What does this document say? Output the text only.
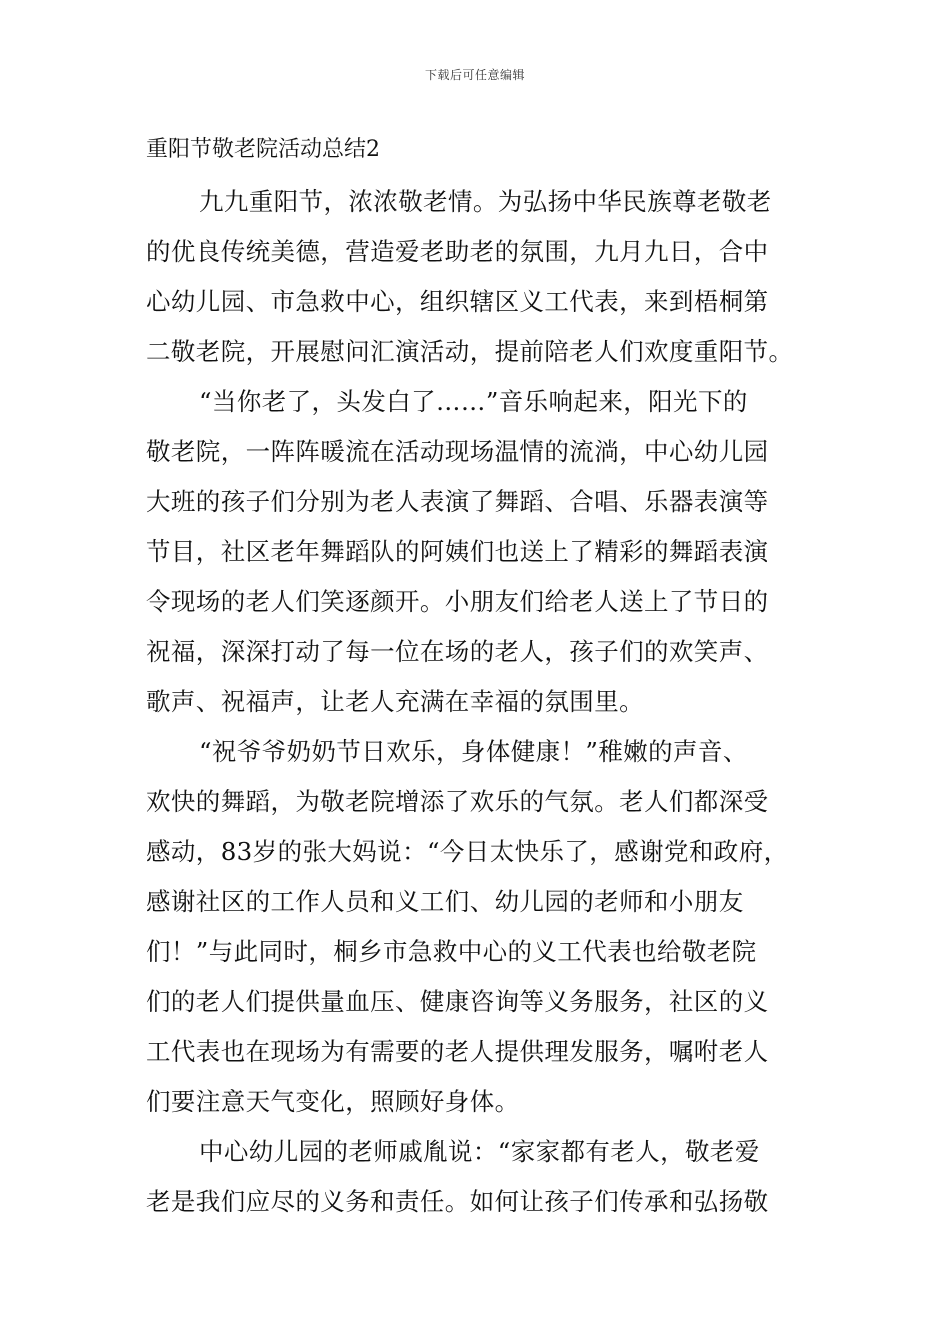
下载后可任意编辑
重阳节敬老院活动总结2
九九重阳节，浓浓敬老情。为弘扬中华民族尊老敬老
的优良传统美德，营造爱老助老的氛围，九月九日，合中
心幼儿园、市急救中心，组织辖区义工代表，来到梧桐第
二敬老院，开展慰问汇演活动，提前陪老人们欢度重阳节。
“当你老了，头发白了……”音乐响起来，阳光下的
敬老院，一阵阵暖流在活动现场温情的流淌，中心幼儿园
大班的孩子们分别为老人表演了舞蹈、合唱、乐器表演等
节目，社区老年舞蹈队的阿姨们也送上了精彩的舞蹈表演
令现场的老人们笑逐颜开。小朋友们给老人送上了节日的
祝福，深深打动了每一位在场的老人，孩子们的欢笑声、
歌声、祝福声，让老人充满在幸福的氛围里。
“祝爷爷奶奶节日欢乐，身体健康！”稚嫩的声音、
欢快的舞蹈，为敬老院增添了欢乐的气氛。老人们都深受
感动，83岁的张大妈说：“今日太快乐了，感谢党和政府，
感谢社区的工作人员和义工们、幼儿园的老师和小朋友
们！”与此同时，桐乡市急救中心的义工代表也给敬老院
们的老人们提供量血压、健康咨询等义务服务，社区的义
工代表也在现场为有需要的老人提供理发服务，嘱咐老人
们要注意天气变化，照顾好身体。
中心幼儿园的老师戚胤说：“家家都有老人，敬老爱
老是我们应尽的义务和责任。如何让孩子们传承和弘扬敬
